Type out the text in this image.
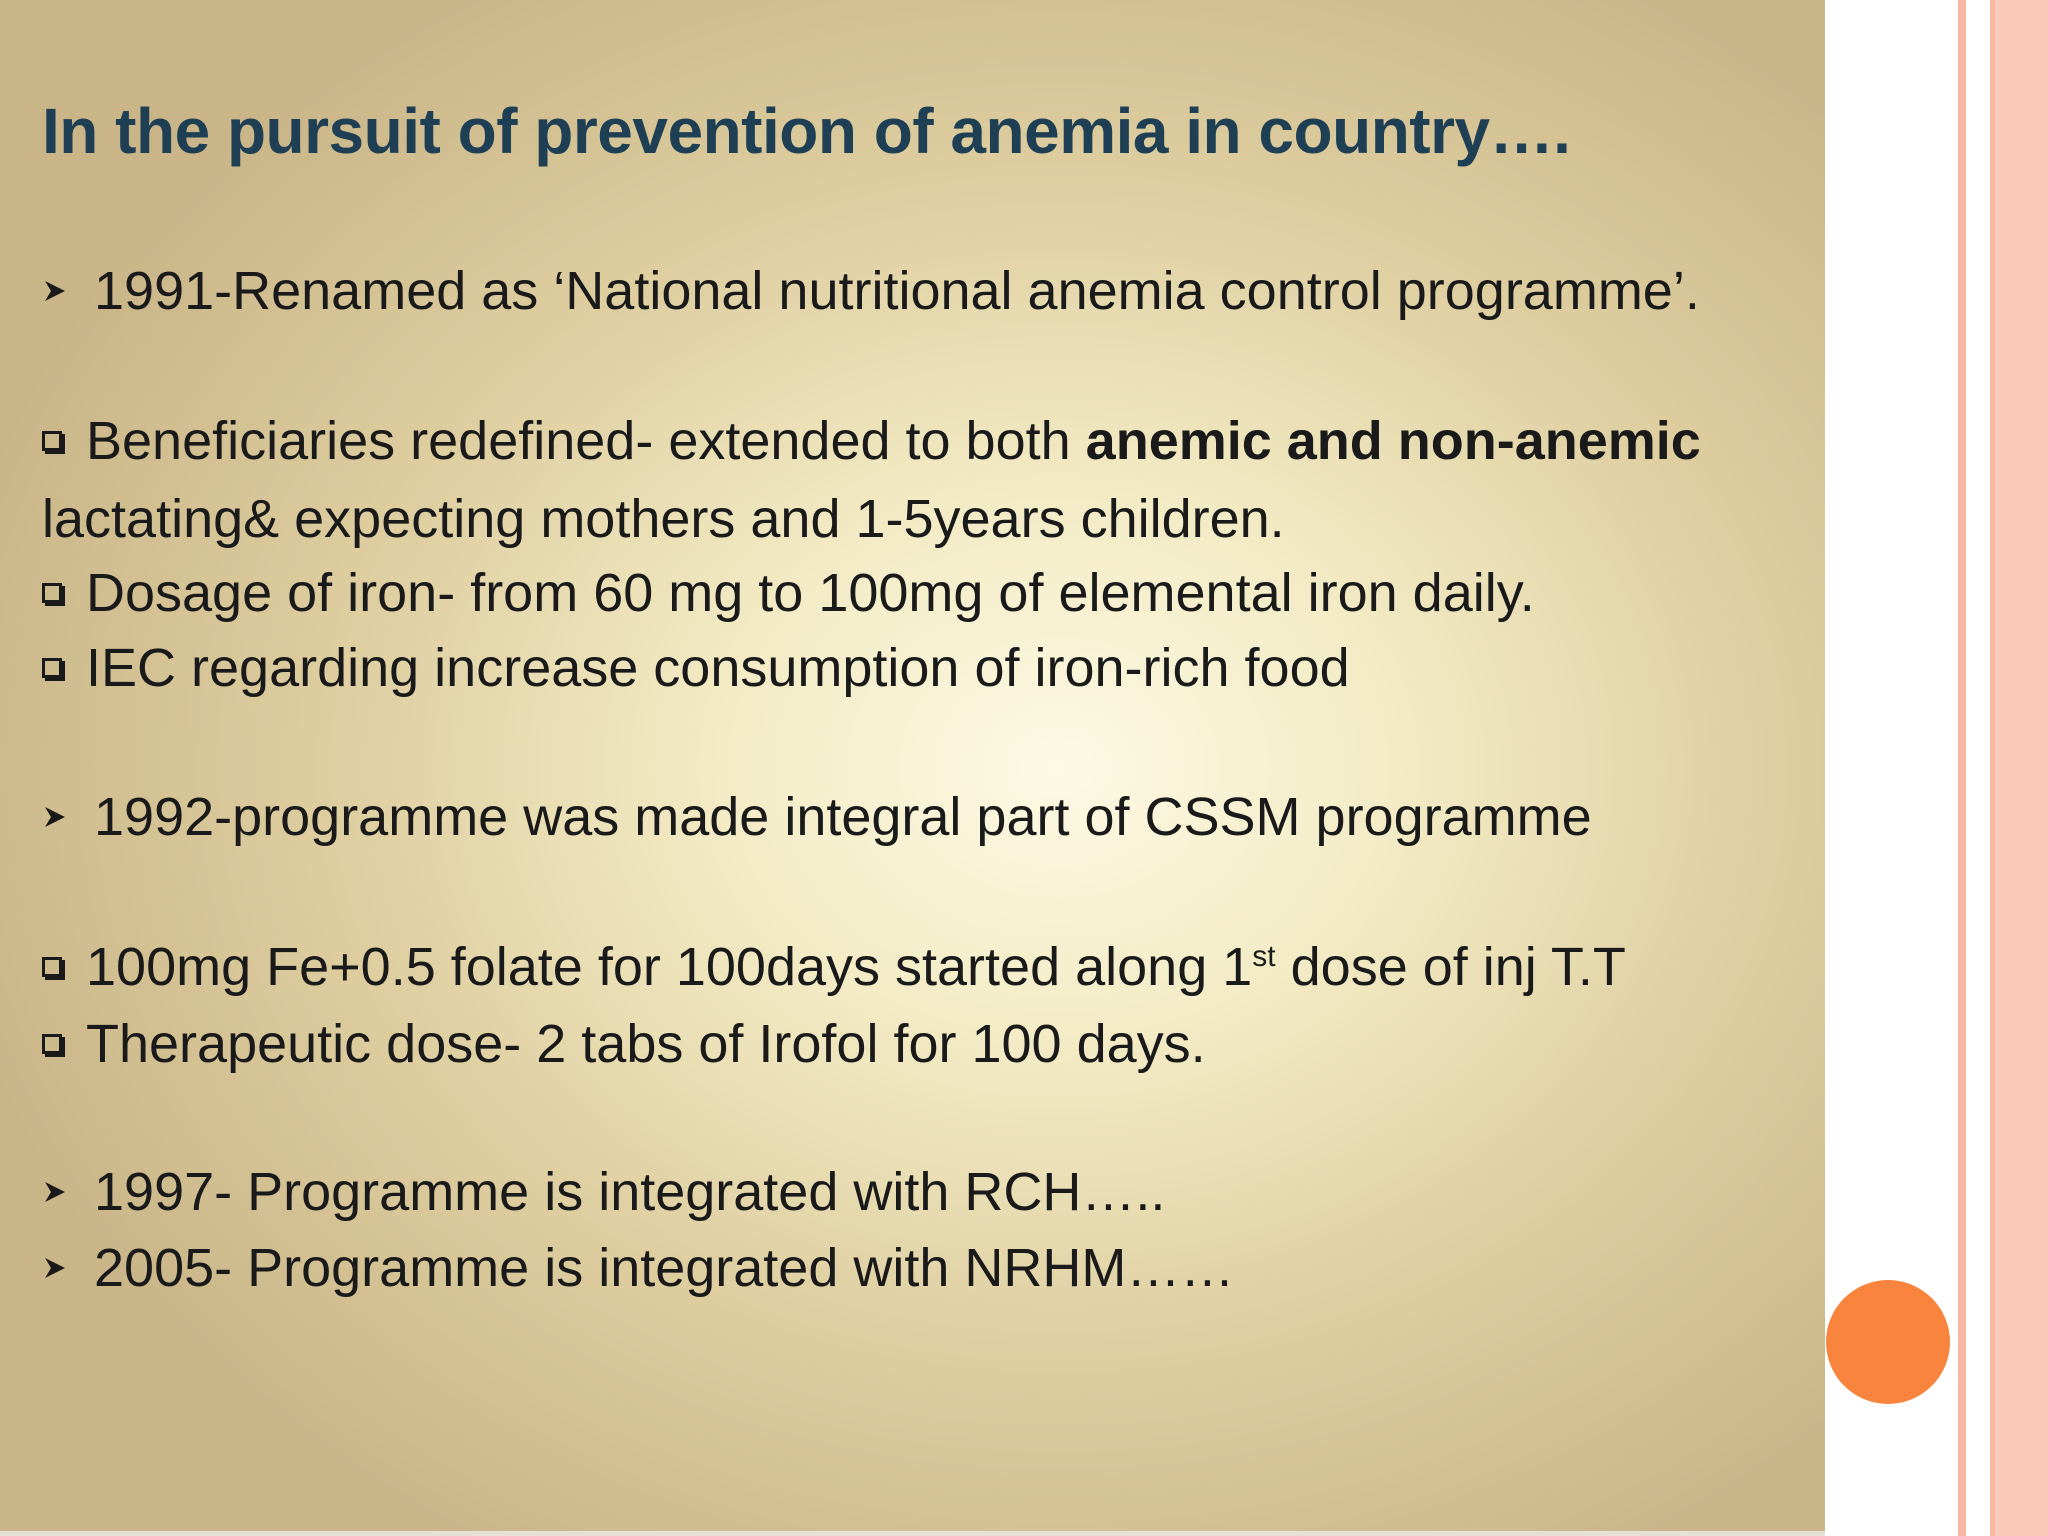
In the pursuit of prevention of anemia in country….
1991-Renamed as ‘National nutritional anemia control programme’.
Beneficiaries redefined- extended to both anemic and non-anemic
lactating& expecting mothers and 1-5years children.
Dosage of iron- from 60 mg to 100mg of elemental iron daily.
IEC regarding increase consumption of iron-rich food
1992-programme was made integral part of CSSM programme
100mg Fe+0.5 folate for 100days started along 1st dose of inj T.T
Therapeutic dose- 2 tabs of Irofol for 100 days.
1997- Programme is integrated with RCH…..
2005- Programme is integrated with NRHM……
